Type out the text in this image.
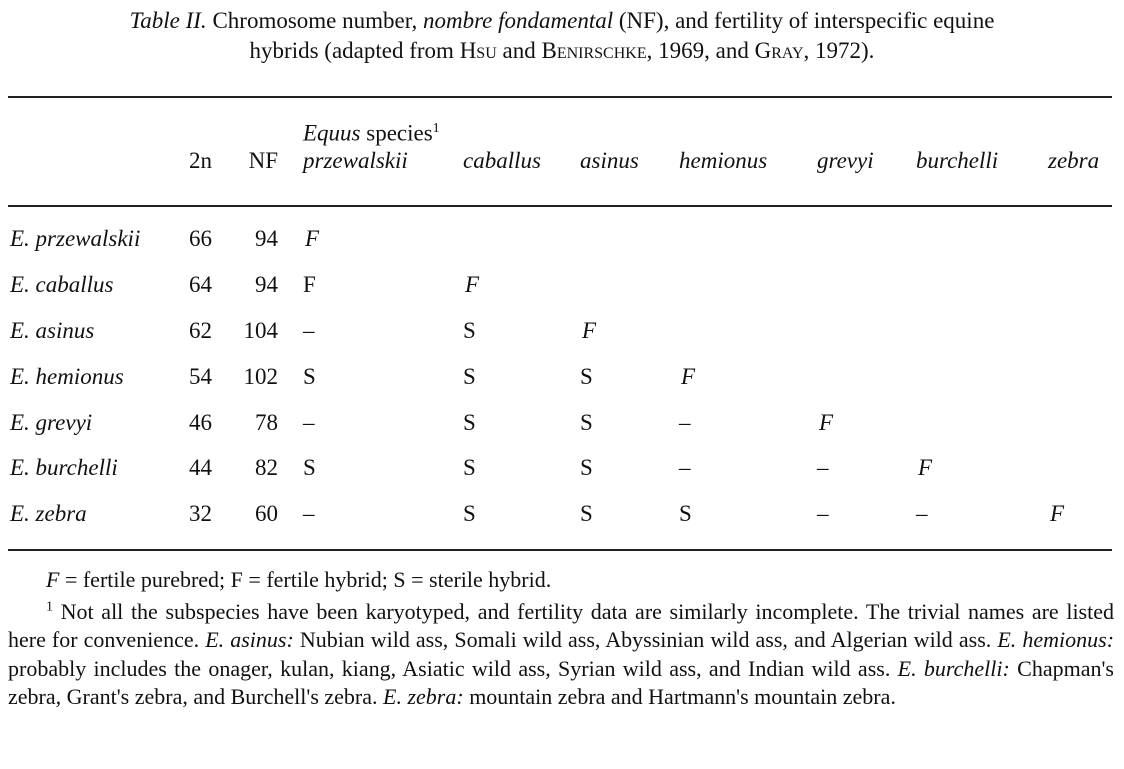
Table II. Chromosome number, nombre fondamental (NF), and fertility of interspecific equine
hybrids (adapted from Hsu and Benirschke, 1969, and Gray, 1972).
Equus species$^1$
2n	NF przewalskii caballus asinus hemionus grevyi burchelli zebra
E. przewalskii	66	94 F
E. caballus	64	94 F	F
E. asinus	62	104 –	S	F
E. hemionus	54	102 S	S	S	F
E. grevyi	46	78 –	S	S	–	F
E. burchelli	44	82 S	S	S	–	–	F
E. zebra	32	60 –	S	S	S	–	–	F

F = fertile purebred; F = fertile hybrid; S = sterile hybrid.

$^1$ Not all the subspecies have been karyotyped, and fertility data are similarly incomplete. The trivial names are listed here for convenience. E. asinus: Nubian wild ass, Somali wild ass, Abyssinian wild ass, and Algerian wild ass. E. hemionus: probably includes the onager, kulan, kiang, Asiatic wild ass, Syrian wild ass, and Indian wild ass. E. burchelli: Chapman's zebra, Grant's zebra, and Burchell's zebra. E. zebra: mountain zebra and Hartmann's mountain zebra.
